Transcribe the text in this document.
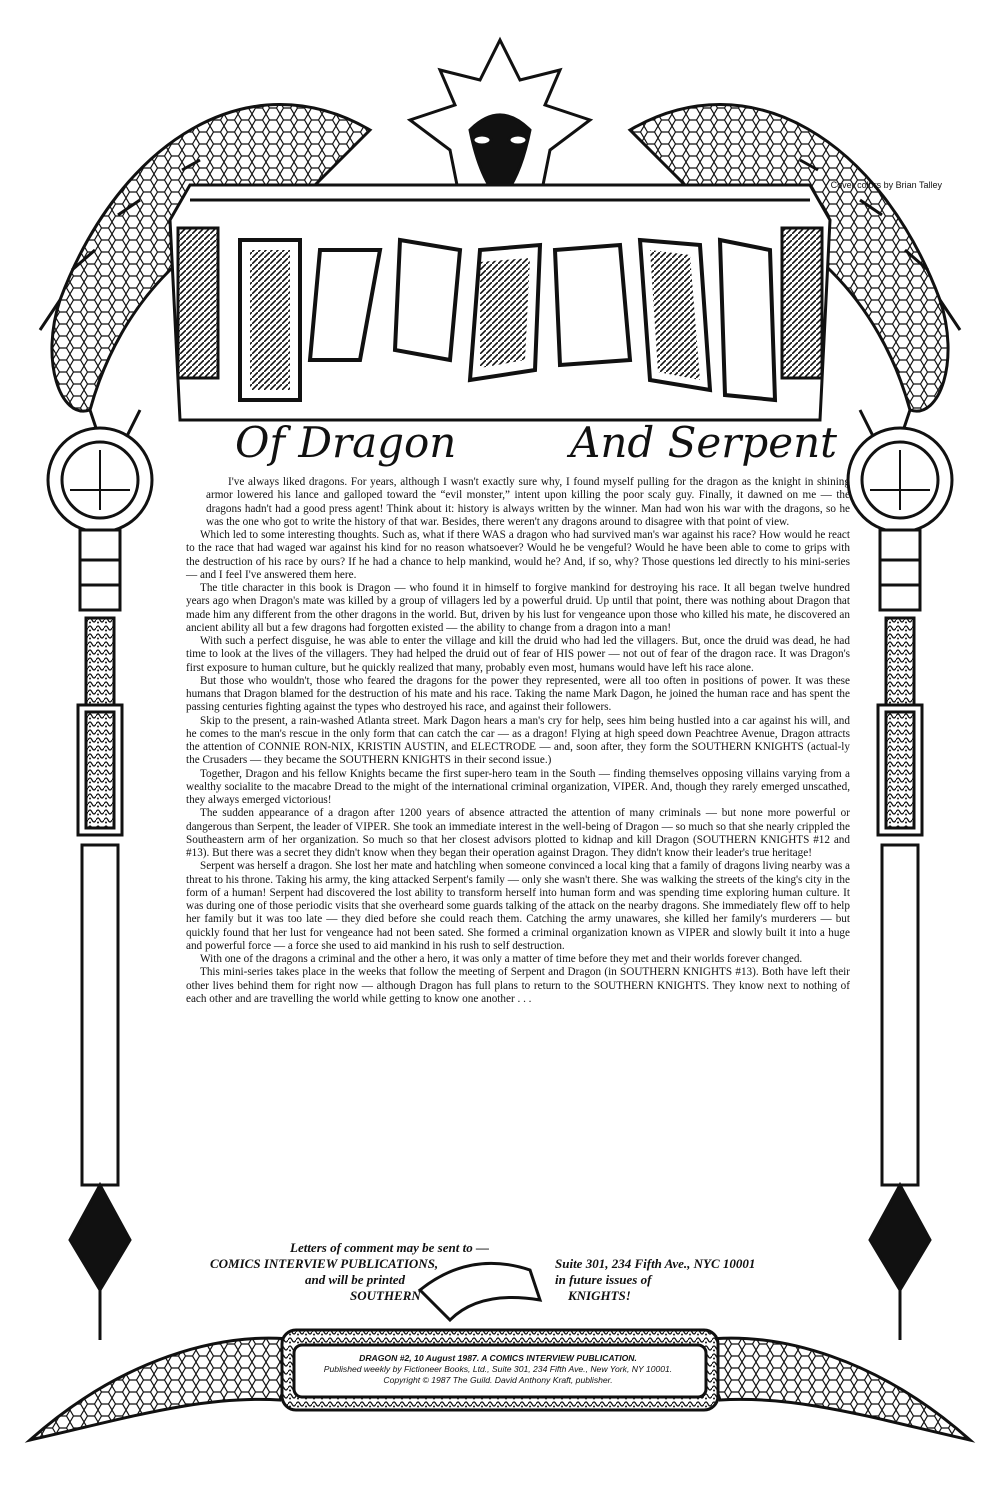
Cover colors by Brian Talley
Of Dragon	And Serpent

I've always liked dragons. For years, although I wasn't exactly sure why, I found myself pulling for the dragon as the knight in shining armor lowered his lance and galloped toward the “evil monster,” intent upon killing the poor scaly guy. Finally, it dawned on me — the dragons hadn't had a good press agent! Think about it: history is always written by the winner. Man had won his war with the dragons, so he was the one who got to write the history of that war. Besides, there weren't any dragons around to disagree with that point of view.

Which led to some interesting thoughts. Such as, what if there WAS a dragon who had survived man's war against his race? How would he react to the race that had waged war against his kind for no reason whatsoever? Would he be vengeful? Would he have been able to come to grips with the destruction of his race by ours? If he had a chance to help mankind, would he? And, if so, why? Those questions led directly to his mini-series — and I feel I've answered them here.

The title character in this book is Dragon — who found it in himself to forgive mankind for destroying his race. It all began twelve hundred years ago when Dragon's mate was killed by a group of villagers led by a powerful druid. Up until that point, there was nothing about Dragon that made him any different from the other dragons in the world. But, driven by his lust for vengeance upon those who killed his mate, he discovered an ancient ability all but a few dragons had forgotten existed — the ability to change from a dragon into a man!

With such a perfect disguise, he was able to enter the village and kill the druid who had led the villagers. But, once the druid was dead, he had time to look at the lives of the villagers. They had helped the druid out of fear of HIS power — not out of fear of the dragon race. It was Dragon's first exposure to human culture, but he quickly realized that many, probably even most, humans would have left his race alone.

But those who wouldn't, those who feared the dragons for the power they represented, were all too often in positions of power. It was these humans that Dragon blamed for the destruction of his mate and his race. Taking the name Mark Dagon, he joined the human race and has spent the passing centuries fighting against the types who destroyed his race, and against their followers.

Skip to the present, a rain-washed Atlanta street. Mark Dagon hears a man's cry for help, sees him being hustled into a car against his will, and he comes to the man's rescue in the only form that can catch the car — as a dragon! Flying at high speed down Peachtree Avenue, Dragon attracts the attention of CONNIE RON-NIX, KRISTIN AUSTIN, and ELECTRODE — and, soon after, they form the SOUTHERN KNIGHTS (actual-ly the Crusaders — they became the SOUTHERN KNIGHTS in their second issue.)

Together, Dragon and his fellow Knights became the first super-hero team in the South — finding themselves opposing villains varying from a wealthy socialite to the macabre Dread to the might of the international criminal organization, VIPER. And, though they rarely emerged unscathed, they always emerged victorious!

The sudden appearance of a dragon after 1200 years of absence attracted the attention of many criminals — but none more powerful or dangerous than Serpent, the leader of VIPER. She took an immediate interest in the well-being of Dragon — so much so that she nearly crippled the Southeastern arm of her organization. So much so that her closest advisors plotted to kidnap and kill Dragon (SOUTHERN KNIGHTS #12 and #13). But there was a secret they didn't know when they began their operation against Dragon. They didn't know their leader's true heritage!

Serpent was herself a dragon. She lost her mate and hatchling when someone convinced a local king that a family of dragons living nearby was a threat to his throne. Taking his army, the king attacked Serpent's family — only she wasn't there. She was walking the streets of the king's city in the form of a human! Serpent had discovered the lost ability to transform herself into human form and was spending time exploring human culture. It was during one of those periodic visits that she overheard some guards talking of the attack on the nearby dragons. She immediately flew off to help her family but it was too late — they died before she could reach them. Catching the army unawares, she killed her family's murderers — but quickly found that her lust for vengeance had not been sated. She formed a criminal organization known as VIPER and slowly built it into a huge and powerful force — a force she used to aid mankind in his rush to self destruction.

With one of the dragons a criminal and the other a hero, it was only a matter of time before they met and their worlds forever changed.

This mini-series takes place in the weeks that follow the meeting of Serpent and Dragon (in SOUTHERN KNIGHTS #13). Both have left their other lives behind them for right now — although Dragon has full plans to return to the SOUTHERN KNIGHTS. They know next to nothing of each other and are travelling the world while getting to know one another . . .

Letters of comment may be sent to —
COMICS INTERVIEW PUBLICATIONS,	Suite 301, 234 Fifth Ave., NYC 10001
and will be printed	in future issues of
SOUTHERN	KNIGHTS!
DRAGON #2, 10 August 1987. A COMICS INTERVIEW PUBLICATION.
Published weekly by Fictioneer Books, Ltd., Suite 301, 234 Fifth Ave., New York, NY 10001.
Copyright © 1987 The Guild. David Anthony Kraft, publisher.
